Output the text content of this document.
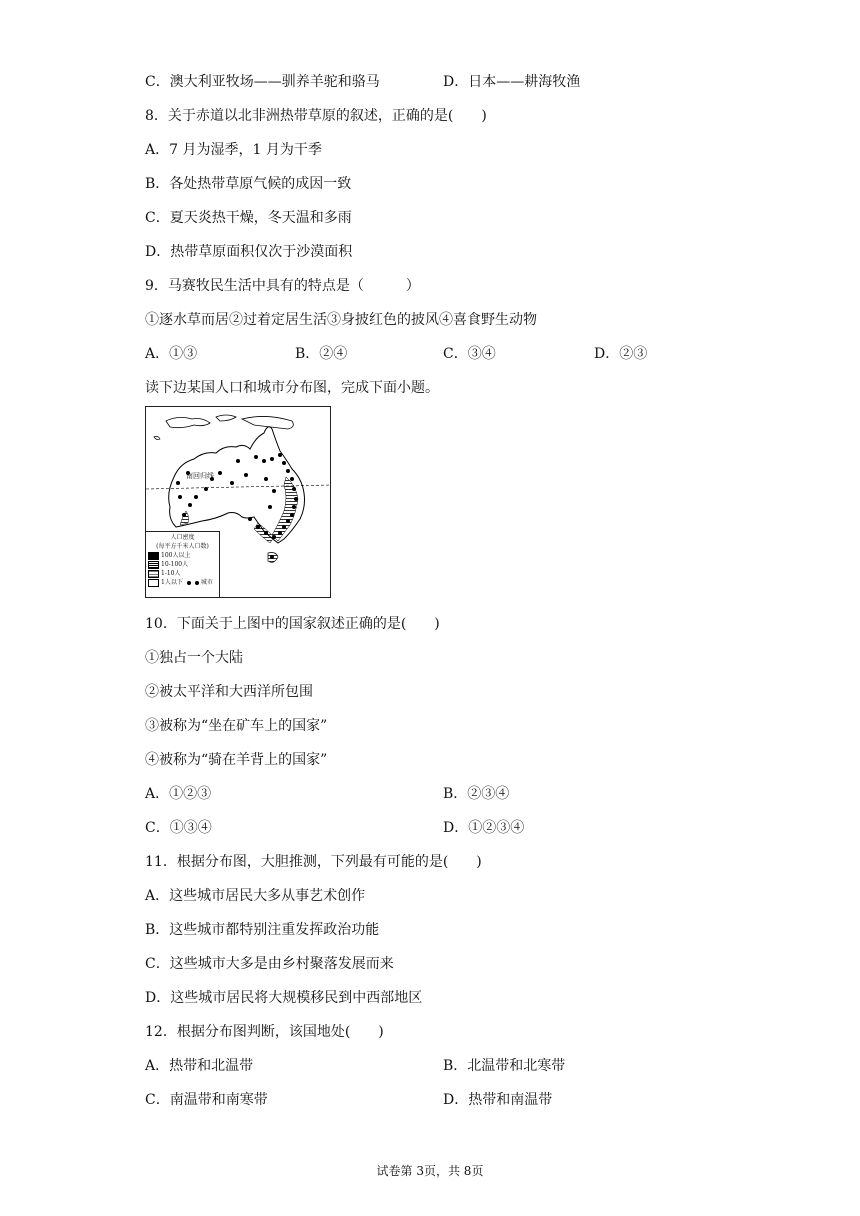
C．澳大利亚牧场——驯养羊驼和骆马	D．日本——耕海牧渔
8．关于赤道以北非洲热带草原的叙述，正确的是(　　)
A．7 月为湿季，1 月为干季
B．各处热带草原气候的成因一致
C．夏天炎热干燥，冬天温和多雨
D．热带草原面积仅次于沙漠面积
9．马赛牧民生活中具有的特点是（　　　）
①逐水草而居②过着定居生活③身披红色的披风④喜食野生动物
A．①③	B．②④	C．③④	D．②③
读下边某国人口和城市分布图，完成下面小题。
南回归线
人口密度
(每平方千米人口数)
100人以上
10-100人
1-10人
1人以下	城市
10．下面关于上图中的国家叙述正确的是(　　)
①独占一个大陆
②被太平洋和大西洋所包围
③被称为“坐在矿车上的国家”
④被称为“骑在羊背上的国家”
A．①②③	B．②③④
C．①③④	D．①②③④
11．根据分布图，大胆推测，下列最有可能的是(　　)
A．这些城市居民大多从事艺术创作
B．这些城市都特别注重发挥政治功能
C．这些城市大多是由乡村聚落发展而来
D．这些城市居民将大规模移民到中西部地区
12．根据分布图判断，该国地处(　　)
A．热带和北温带	B．北温带和北寒带
C．南温带和南寒带	D．热带和南温带
试卷第 3页，共 8页
